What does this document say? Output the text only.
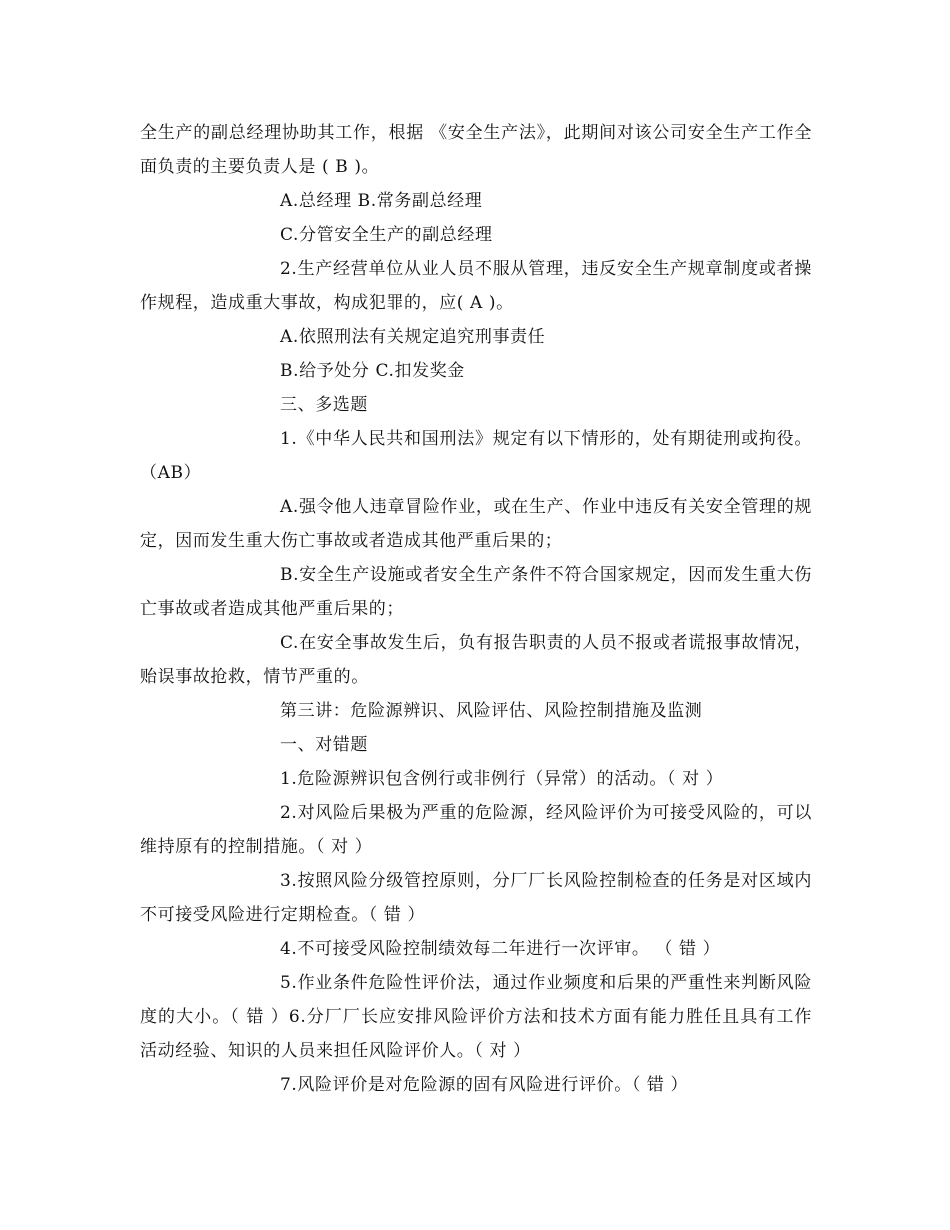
全生产的副总经理协助其工作，根据 《安全生产法》，此期间对该公司安全生产工作全面负责的主要负责人是 ( B )。

A.总经理 B.常务副总经理

C.分管安全生产的副总经理

2.生产经营单位从业人员不服从管理，违反安全生产规章制度或者操作规程，造成重大事故，构成犯罪的，应( A )。

A.依照刑法有关规定追究刑事责任

B.给予处分 C.扣发奖金

三、多选题

1.《中华人民共和国刑法》规定有以下情形的，处有期徒刑或拘役。（AB）

A.强令他人违章冒险作业，或在生产、作业中违反有关安全管理的规定，因而发生重大伤亡事故或者造成其他严重后果的；

B.安全生产设施或者安全生产条件不符合国家规定，因而发生重大伤亡事故或者造成其他严重后果的；

C.在安全事故发生后，负有报告职责的人员不报或者谎报事故情况，贻误事故抢救，情节严重的。

第三讲：危险源辨识、风险评估、风险控制措施及监测

一、对错题

1.危险源辨识包含例行或非例行（异常）的活动。（ 对 ）

2.对风险后果极为严重的危险源，经风险评价为可接受风险的，可以维持原有的控制措施。（ 对 ）

3.按照风险分级管控原则，分厂厂长风险控制检查的任务是对区域内不可接受风险进行定期检查。（ 错 ）

4.不可接受风险控制绩效每二年进行一次评审。 （ 错 ）

5.作业条件危险性评价法，通过作业频度和后果的严重性来判断风险度的大小。（ 错 ）6.分厂厂长应安排风险评价方法和技术方面有能力胜任且具有工作活动经验、知识的人员来担任风险评价人。（ 对 ）

7.风险评价是对危险源的固有风险进行评价。（ 错 ）
